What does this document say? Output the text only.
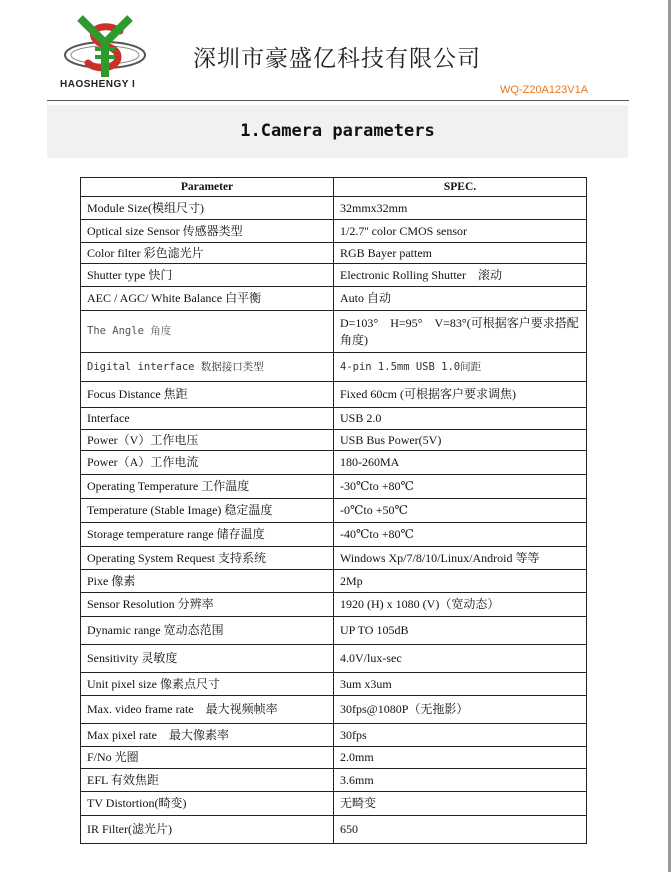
HAOSHENGY I
深圳市豪盛亿科技有限公司
WQ-Z20A123V1A
1.Camera parameters
Parameter	SPEC.
Module Size(模组尺寸)	32mmx32mm
Optical size Sensor 传感器类型	1/2.7'' color CMOS sensor
Color filter 彩色滤光片	RGB Bayer pattem
Shutter type 快门	Electronic Rolling Shutter　滚动
AEC / AGC/ White Balance 白平衡	Auto 自动
The Angle 角度	D=103°　H=95°　V=83°(可根据客户要求搭配角度)
Digital interface 数据接口类型	4-pin 1.5mm USB 1.0间距
Focus Distance 焦距	Fixed 60cm (可根据客户要求调焦)
Interface	USB 2.0
Power（V）工作电压	USB Bus Power(5V)
Power（A）工作电流	180-260MA
Operating Temperature 工作温度	-30℃to +80℃
Temperature (Stable Image) 稳定温度	-0℃to +50℃
Storage temperature range 储存温度	-40℃to +80℃
Operating System Request 支持系统	Windows Xp/7/8/10/Linux/Android 等等
Pixe 像素	2Mp
Sensor Resolution 分辨率	1920 (H) x 1080 (V)（宽动态）
Dynamic range 宽动态范围	UP TO 105dB
Sensitivity 灵敏度	4.0V/lux-sec
Unit pixel size 像素点尺寸	3um x3um
Max. video frame rate　最大视频帧率	30fps@1080P（无拖影）
Max pixel rate　最大像素率	30fps
F/No 光圈	2.0mm
EFL 有效焦距	3.6mm
TV Distortion(畸变)	无畸变
IR Filter(滤光片)	650
